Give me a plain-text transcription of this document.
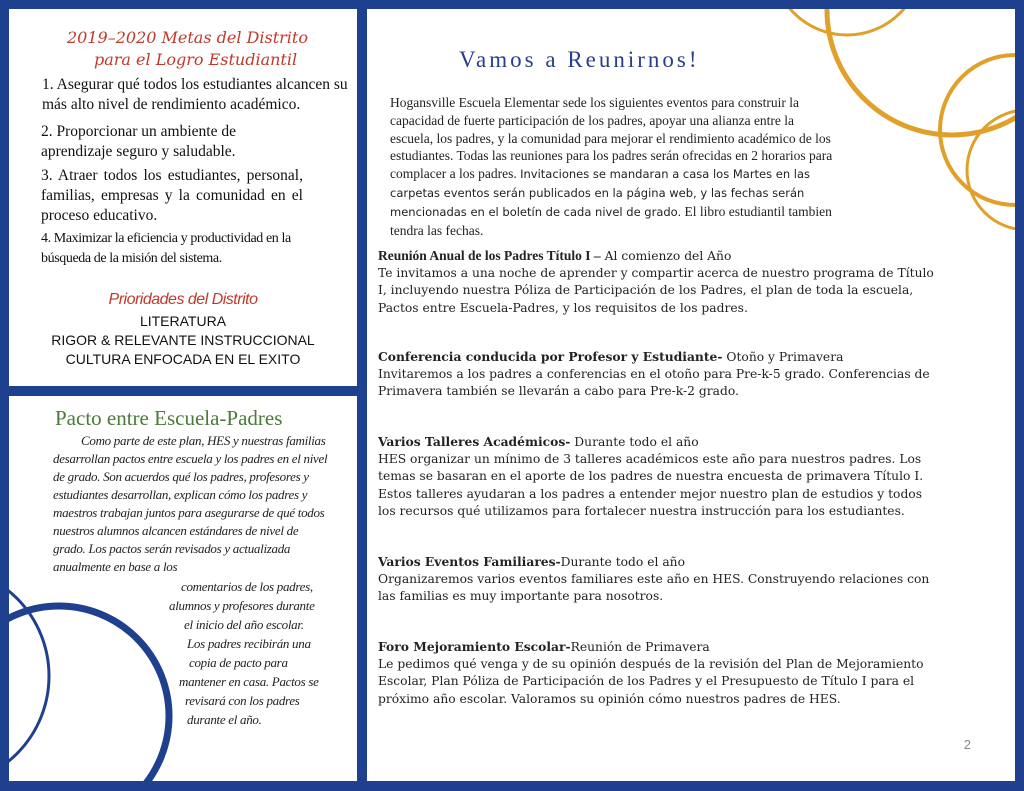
2019–2020 Metas del Distrito
para el Logro Estudiantil
1. Asegurar qué todos los estudiantes alcancen su más alto nivel de rendimiento académico.
2. Proporcionar un ambiente de aprendizaje seguro y saludable.
3. Atraer todos los estudiantes, personal, familias, empresas y la comunidad en el proceso educativo.
4. Maximizar la eficiencia y productividad en la búsqueda de la misión del sistema.
Prioridades del Distrito
LITERATURA
RIGOR & RELEVANTE INSTRUCCIONAL
CULTURA ENFOCADA EN EL EXITO
Pacto entre Escuela-Padres
Como parte de este plan, HES y nuestras familias
desarrollan pactos entre escuela y los padres en el nivel
de grado. Son acuerdos qué los padres, profesores y
estudiantes desarrollan, explican cómo los padres y
maestros trabajan juntos para asegurarse de qué todos
nuestros alumnos alcancen estándares de nivel de
grado. Los pactos serán revisados y actualizada
anualmente en base a los
comentarios de los padres,
alumnos y profesores durante
el inicio del año escolar.
Los padres recibirán una
copia de pacto para
mantener en casa. Pactos se
revisará con los padres
durante el año.
Vamos a Reunirnos!
Hogansville Escuela Elementar sede los siguientes eventos para construir la capacidad de fuerte participación de los padres, apoyar una alianza entre la escuela, los padres, y la comunidad para mejorar el rendimiento académico de los estudiantes. Todas las reuniones para los padres serán ofrecidas en 2 horarios para complacer a los padres. Invitaciones se mandaran a casa los Martes en las carpetas eventos serán publicados en la página web, y las fechas serán mencionadas en el boletín de cada nivel de grado. El libro estudiantil tambien tendra las fechas.
Reunión Anual de los Padres Título I – Al comienzo del Año
Te invitamos a una noche de aprender y compartir acerca de nuestro programa de Título I, incluyendo nuestra Póliza de Participación de los Padres, el plan de toda la escuela, Pactos entre Escuela-Padres, y los requisitos de los padres.
Conferencia conducida por Profesor y Estudiante- Otoño y Primavera
Invitaremos a los padres a conferencias en el otoño para Pre-k-5 grado. Conferencias de Primavera también se llevarán a cabo para Pre-k-2 grado.
Varios Talleres Académicos- Durante todo el año
HES organizar un mínimo de 3 talleres académicos este año para nuestros padres. Los temas se basaran en el aporte de los padres de nuestra encuesta de primavera Título I. Estos talleres ayudaran a los padres a entender mejor nuestro plan de estudios y todos los recursos qué utilizamos para fortalecer nuestra instrucción para los estudiantes.
Varios Eventos Familiares-Durante todo el año
Organizaremos varios eventos familiares este año en HES. Construyendo relaciones con las familias es muy importante para nosotros.
Foro Mejoramiento Escolar-Reunión de Primavera
Le pedimos qué venga y de su opinión después de la revisión del Plan de Mejoramiento Escolar, Plan Póliza de Participación de los Padres y el Presupuesto de Título I para el próximo año escolar. Valoramos su opinión cómo nuestros padres de HES.
2
